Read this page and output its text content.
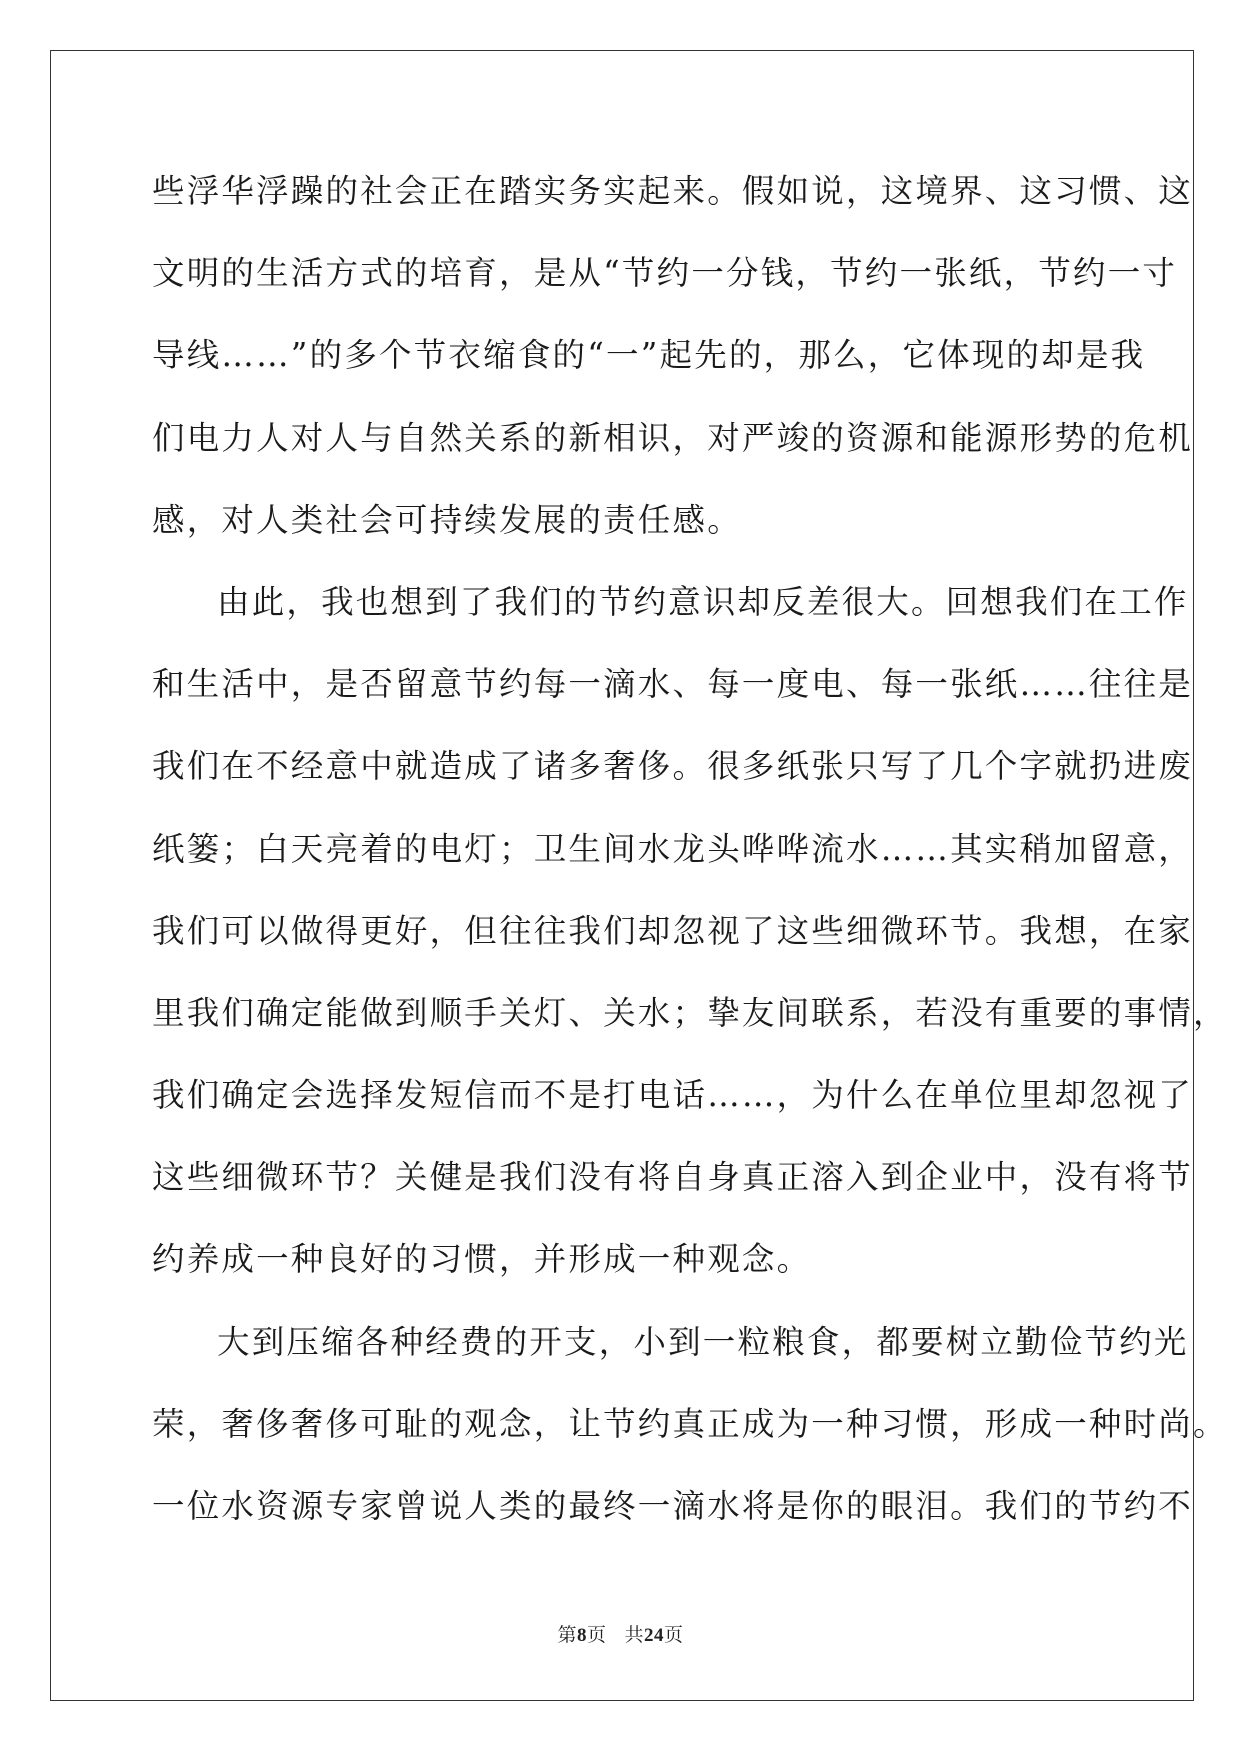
些浮华浮躁的社会正在踏实务实起来。假如说，这境界、这习惯、这
文明的生活方式的培育，是从“节约一分钱，节约一张纸，节约一寸
导线……”的多个节衣缩食的“一”起先的，那么，它体现的却是我
们电力人对人与自然关系的新相识，对严竣的资源和能源形势的危机
感，对人类社会可持续发展的责任感。
由此，我也想到了我们的节约意识却反差很大。回想我们在工作
和生活中，是否留意节约每一滴水、每一度电、每一张纸……往往是
我们在不经意中就造成了诸多奢侈。很多纸张只写了几个字就扔进废
纸篓；白天亮着的电灯；卫生间水龙头哗哗流水……其实稍加留意，
我们可以做得更好，但往往我们却忽视了这些细微环节。我想，在家
里我们确定能做到顺手关灯、关水；挚友间联系，若没有重要的事情，
我们确定会选择发短信而不是打电话……，为什么在单位里却忽视了
这些细微环节？关健是我们没有将自身真正溶入到企业中，没有将节
约养成一种良好的习惯，并形成一种观念。
大到压缩各种经费的开支，小到一粒粮食，都要树立勤俭节约光
荣，奢侈奢侈可耻的观念，让节约真正成为一种习惯，形成一种时尚。
一位水资源专家曾说人类的最终一滴水将是你的眼泪。我们的节约不
第8页 共24页
